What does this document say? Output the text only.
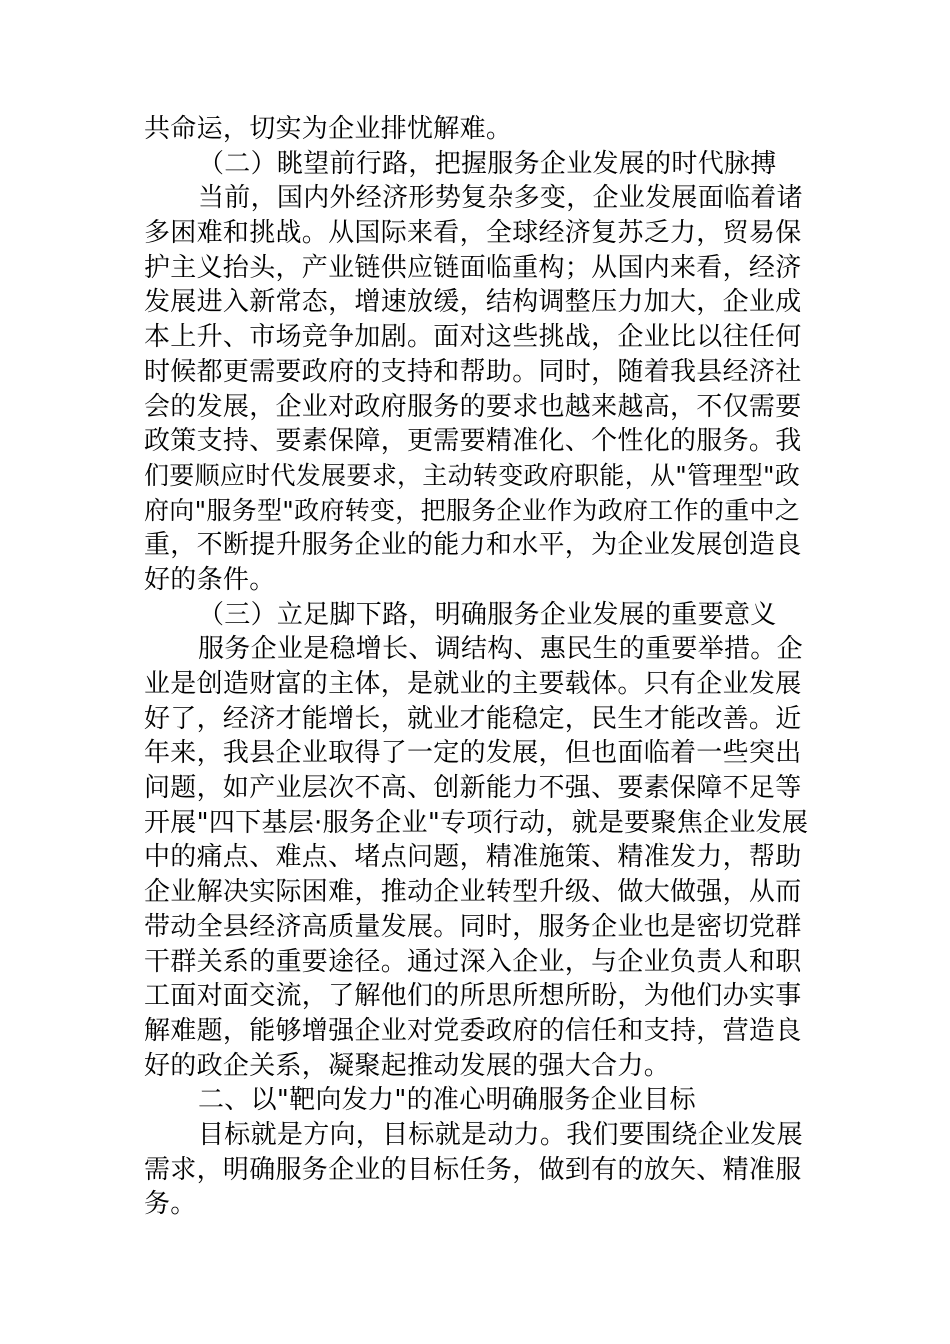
共命运，切实为企业排忧解难。
（二）眺望前行路，把握服务企业发展的时代脉搏
当前，国内外经济形势复杂多变，企业发展面临着诸
多困难和挑战。从国际来看，全球经济复苏乏力，贸易保
护主义抬头，产业链供应链面临重构；从国内来看，经济
发展进入新常态，增速放缓，结构调整压力加大，企业成
本上升、市场竞争加剧。面对这些挑战，企业比以往任何
时候都更需要政府的支持和帮助。同时，随着我县经济社
会的发展，企业对政府服务的要求也越来越高，不仅需要
政策支持、要素保障，更需要精准化、个性化的服务。我
们要顺应时代发展要求，主动转变政府职能，从"管理型"政
府向"服务型"政府转变，把服务企业作为政府工作的重中之
重，不断提升服务企业的能力和水平，为企业发展创造良
好的条件。
（三）立足脚下路，明确服务企业发展的重要意义
服务企业是稳增长、调结构、惠民生的重要举措。企
业是创造财富的主体，是就业的主要载体。只有企业发展
好了，经济才能增长，就业才能稳定，民生才能改善。近
年来，我县企业取得了一定的发展，但也面临着一些突出
问题，如产业层次不高、创新能力不强、要素保障不足等
开展"四下基层·服务企业"专项行动，就是要聚焦企业发展
中的痛点、难点、堵点问题，精准施策、精准发力，帮助
企业解决实际困难，推动企业转型升级、做大做强，从而
带动全县经济高质量发展。同时，服务企业也是密切党群
干群关系的重要途径。通过深入企业，与企业负责人和职
工面对面交流，了解他们的所思所想所盼，为他们办实事
解难题，能够增强企业对党委政府的信任和支持，营造良
好的政企关系，凝聚起推动发展的强大合力。
二、以"靶向发力"的准心明确服务企业目标
目标就是方向，目标就是动力。我们要围绕企业发展
需求，明确服务企业的目标任务，做到有的放矢、精准服
务。
